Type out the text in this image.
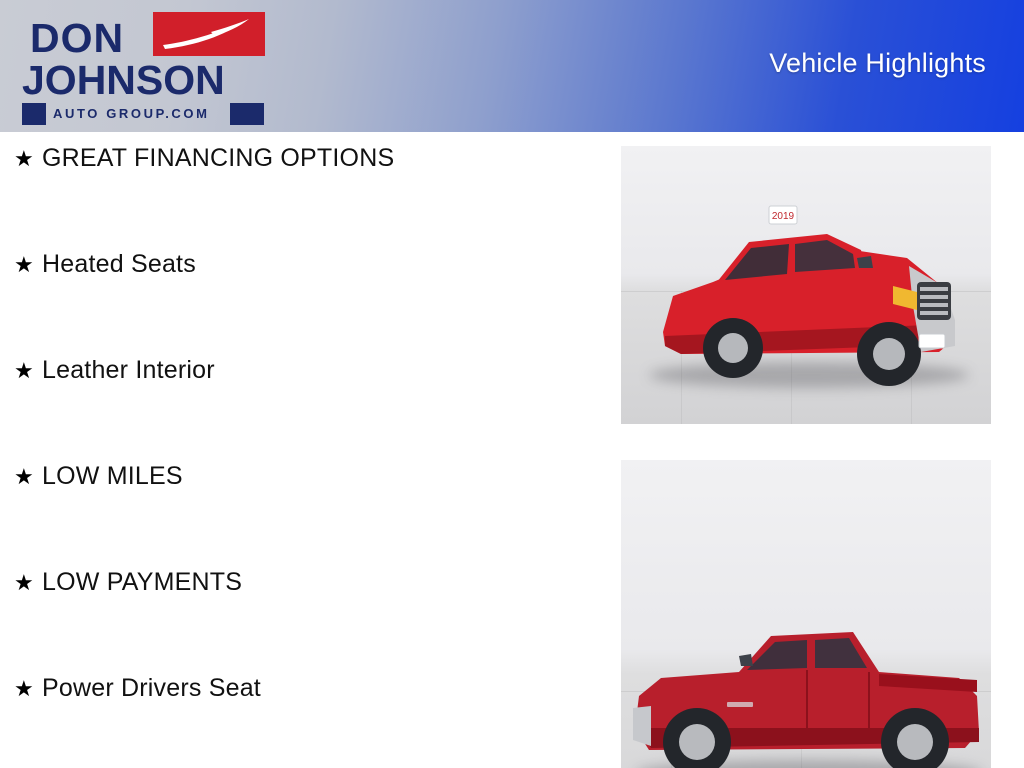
DON
JOHNSON
AUTO GROUP.COM
Vehicle Highlights
★ GREAT FINANCING OPTIONS
★ Heated Seats
★ Leather Interior
★ LOW MILES
★ LOW PAYMENTS
★ Power Drivers Seat
2019
